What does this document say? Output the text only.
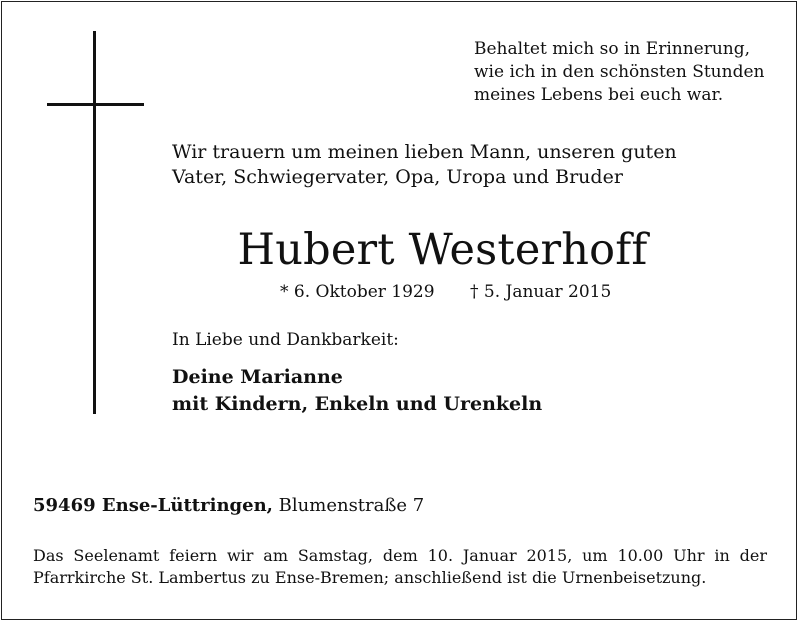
Behaltet mich so in Erinnerung,
wie ich in den schönsten Stunden
meines Lebens bei euch war.
Wir trauern um meinen lieben Mann, unseren guten
Vater, Schwiegervater, Opa, Uropa und Bruder
Hubert Westerhoff
* 6. Oktober 1929 † 5. Januar 2015
In Liebe und Dankbarkeit:
Deine Marianne
mit Kindern, Enkeln und Urenkeln
59469 Ense-Lüttringen, Blumenstraße 7
Das Seelenamt feiern wir am Samstag, dem 10. Januar 2015, um 10.00 Uhr in der
Pfarrkirche St. Lambertus zu Ense-Bremen; anschließend ist die Urnenbeisetzung.
